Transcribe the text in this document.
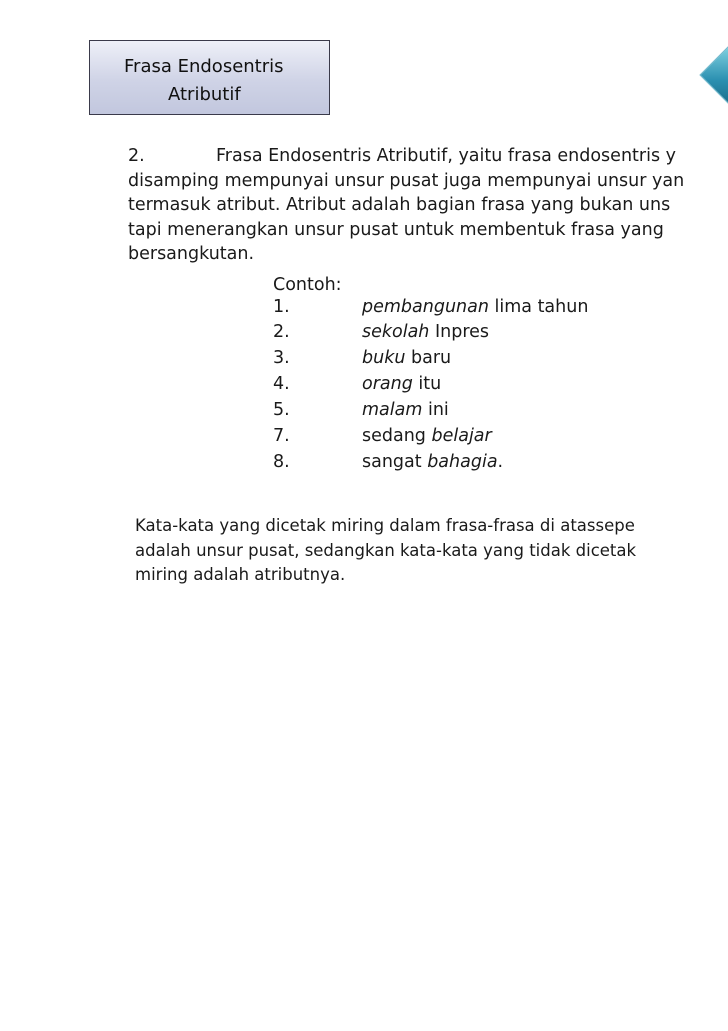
Frasa Endosentris
Atributif
2.	Frasa Endosentris Atributif, yaitu frasa endosentris y
disamping mempunyai unsur pusat juga mempunyai unsur yan
termasuk atribut. Atribut adalah bagian frasa yang bukan uns
tapi menerangkan unsur pusat untuk membentuk frasa yang
bersangkutan.
Contoh:
1.	pembangunan lima tahun
2.	sekolah Inpres
3.	buku baru
4.	orang itu
5.	malam ini
7.	sedang belajar
8.	sangat bahagia.
Kata-kata yang dicetak miring dalam frasa-frasa di atassepe
adalah unsur pusat, sedangkan kata-kata yang tidak dicetak
miring adalah atributnya.
